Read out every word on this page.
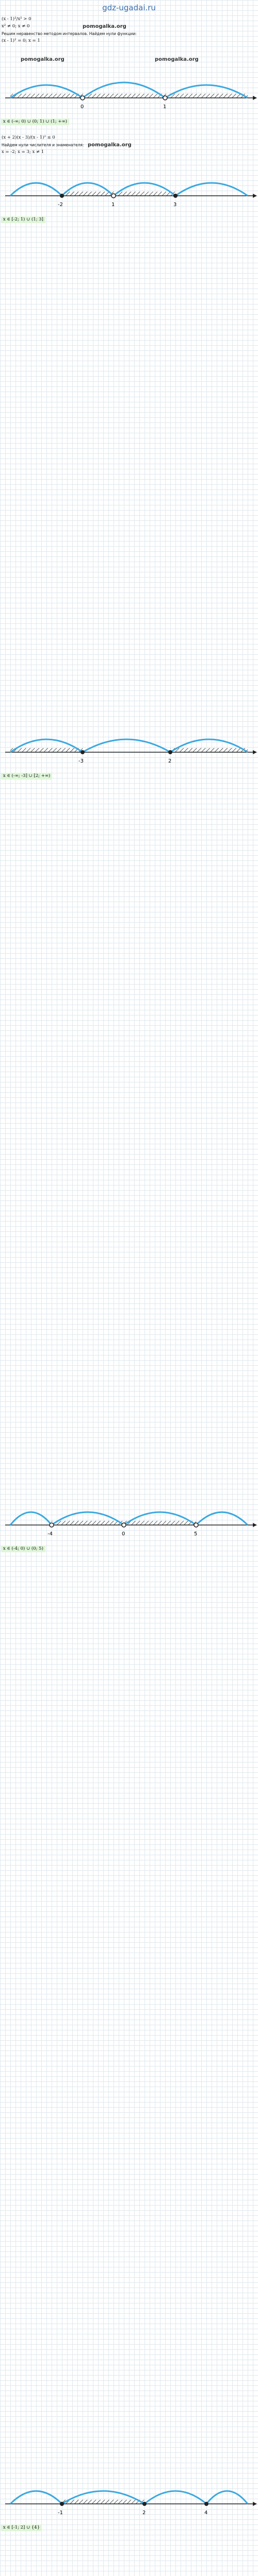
gdz-ugadai.ru
(x - 1)²/x² > 0
x² ≠ 0; x ≠ 0
Решим неравенство методом интервалов. Найдем нули функции:
(x - 1)² = 0; x = 1
pomogalka.org
pomogalka.org	pomogalka.org
0	1
x ∈ (-∞; 0) ∪ (0; 1) ∪ (1; +∞)
(x + 2)(x - 3)/(x - 1)² ≤ 0
Найдем нули числителя и знаменателя:
x = -2; x = 3; x ≠ 1
pomogalka.org
-2	1	3
x ∈ [-2; 1) ∪ (1; 3]
-3	2
x ∈ (-∞; -3] ∪ [2; +∞)
-4	0	5
x ∈ (-4; 0) ∪ (0; 5)
-1	2	4
x ∈ [-1; 2] ∪ {4}
